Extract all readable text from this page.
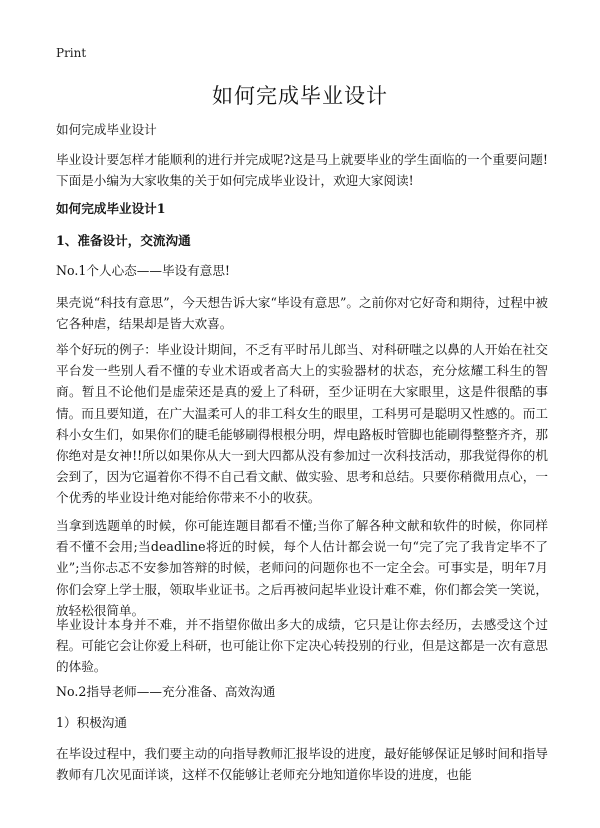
Print
如何完成毕业设计

如何完成毕业设计

毕业设计要怎样才能顺利的进行并完成呢?这是马上就要毕业的学生面临的一个重要问题!下面是小编为大家收集的关于如何完成毕业设计，欢迎大家阅读!

如何完成毕业设计1

1、准备设计，交流沟通

No.1个人心态——毕设有意思!

果壳说“科技有意思”，今天想告诉大家“毕设有意思”。之前你对它好奇和期待，过程中被它各种虐，结果却是皆大欢喜。

举个好玩的例子：毕业设计期间，不乏有平时吊儿郎当、对科研嗤之以鼻的人开始在社交平台发一些别人看不懂的专业术语或者高大上的实验器材的状态，充分炫耀工科生的智商。暂且不论他们是虚荣还是真的爱上了科研，至少证明在大家眼里，这是件很酷的事情。而且要知道，在广大温柔可人的非工科女生的眼里，工科男可是聪明又性感的。而工科小女生们，如果你们的睫毛能够刷得根根分明，焊电路板时管脚也能刷得整整齐齐，那你绝对是女神!!所以如果你从大一到大四都从没有参加过一次科技活动，那我觉得你的机会到了，因为它逼着你不得不自己看文献、做实验、思考和总结。只要你稍微用点心，一个优秀的毕业设计绝对能给你带来不小的收获。

当拿到选题单的时候，你可能连题目都看不懂;当你了解各种文献和软件的时候，你同样看不懂不会用;当deadline将近的时候，每个人估计都会说一句“完了完了我肯定毕不了业”;当你忐忑不安参加答辩的时候，老师问的问题你也不一定全会。可事实是，明年7月你们会穿上学士服，领取毕业证书。之后再被问起毕业设计难不难，你们都会笑一笑说，放轻松很简单。

毕业设计本身并不难，并不指望你做出多大的成绩，它只是让你去经历，去感受这个过程。可能它会让你爱上科研，也可能让你下定决心转投别的行业，但是这都是一次有意思的体验。

No.2指导老师——充分准备、高效沟通

1）积极沟通

在毕设过程中，我们要主动的向指导教师汇报毕设的进度，最好能够保证足够时间和指导教师有几次见面详谈，这样不仅能够让老师充分地知道你毕设的进度，也能
